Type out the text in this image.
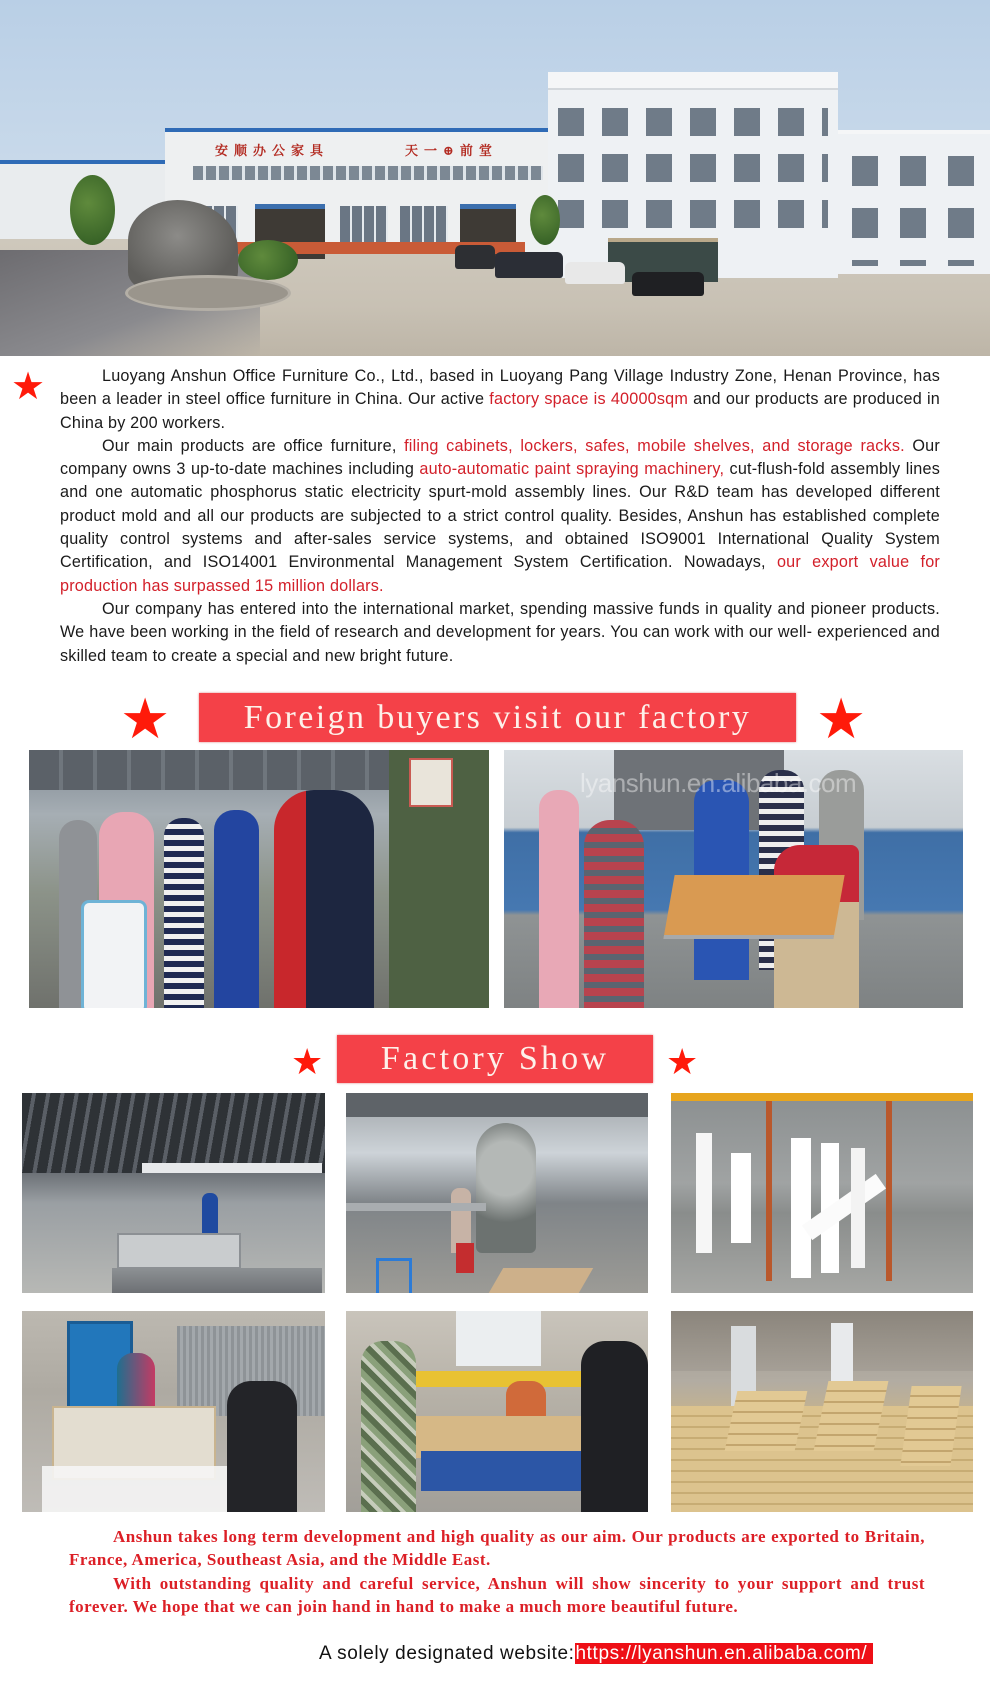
安顺办公家具	天一⊕前堂
★	Luoyang Anshun Office Furniture Co., Ltd., based in Luoyang Pang Village Industry Zone, Henan Province, has been a leader in steel office furniture in China. Our active factory space is 40000sqm and our products are produced in China by 200 workers.

Our main products are office furniture, filing cabinets, lockers, safes, mobile shelves, and storage racks. Our company owns 3 up-to-date machines including auto-automatic paint spraying machinery, cut-flush-fold assembly lines and one automatic phosphorus static electricity spurt-mold assembly lines. Our R&D team has developed different product mold and all our products are subjected to a strict control quality. Besides, Anshun has established complete quality control systems and after-sales service systems, and obtained ISO9001 International Quality System Certification, and ISO14001 Environmental Management System Certification. Nowadays, our export value for production has surpassed 15 million dollars.

Our company has entered into the international market, spending massive funds in quality and pioneer products. We have been working in the field of research and development for years. You can work with our well- experienced and skilled team to create a special and new bright future.

★	Foreign buyers visit our factory	★
lyanshun.en.alibaba.com
★	Factory Show	★

Anshun takes long term development and high quality as our aim. Our products are exported to Britain, France, America, Southeast Asia, and the Middle East.

With outstanding quality and careful service, Anshun will show sincerity to your support and trust forever. We hope that we can join hand in hand to make a much more beautiful future.

A solely designated website:https://lyanshun.en.alibaba.com/
